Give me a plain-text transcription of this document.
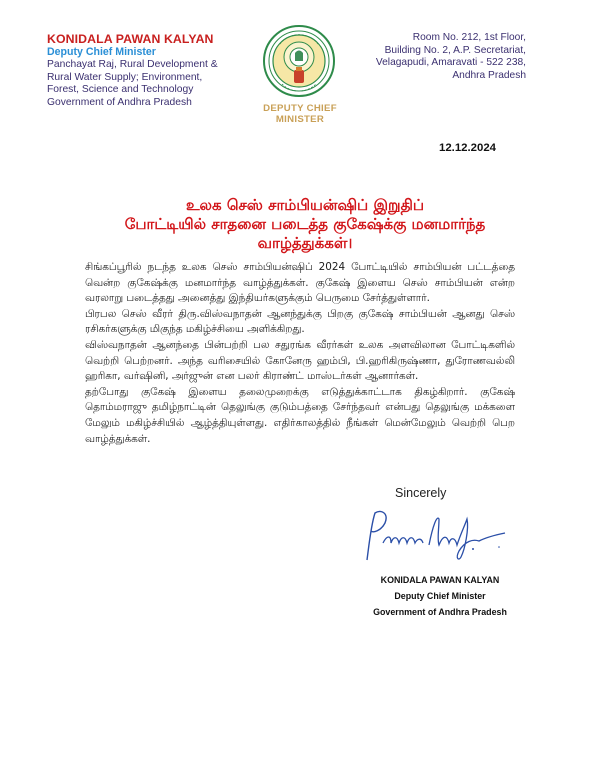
KONIDALA PAWAN KALYAN
Deputy Chief Minister
Panchayat Raj, Rural Development &
Rural Water Supply; Environment,
Forest, Science and Technology
Government of Andhra Pradesh
DEPUTY CHIEF MINISTER
Room No. 212, 1st Floor,
Building No. 2, A.P. Secretariat,
Velagapudi, Amaravati - 522 238,
Andhra Pradesh
12.12.2024
உலக செஸ் சாம்பியன்ஷிப் இறுதிப்
போட்டியில் சாதனை படைத்த குகேஷ்க்கு மனமார்ந்த
வாழ்த்துக்கள்।

சிங்கப்பூரில் நடந்த உலக செஸ் சாம்பியன்ஷிப் 2024 போட்டியில் சாம்பியன் பட்டத்தை வென்ற குகேஷ்க்கு மனமார்ந்த வாழ்த்துக்கள். குகேஷ் இளைய செஸ் சாம்பியன் என்ற வரலாறு படைத்தது அனைத்து இந்தியர்களுக்கும் பெருமை சேர்த்துள்ளார்.

பிரபல செஸ் வீரர் திரு.விஸ்வநாதன் ஆனந்துக்கு பிறகு குகேஷ் சாம்பியன் ஆனது செஸ் ரசிகர்களுக்கு மிகுந்த மகிழ்ச்சியை அளிக்கிறது.

விஸ்வநாதன் ஆனந்தை பின்பற்றி பல சதுரங்க வீரர்கள் உலக அளவிலான போட்டிகளில் வெற்றி பெற்றனர். அந்த வரிசையில் கோனேரு ஹம்பி, பி.ஹரிகிருஷ்ணா, துரோணவல்லி ஹரிகா, வர்ஷினி, அர்ஜுன் என பலர் கிராண்ட் மாஸ்டர்கள் ஆனார்கள்.

தற்போது குகேஷ் இளைய தலைமுறைக்கு எடுத்துக்காட்டாக திகழ்கிறார். குகேஷ் தொம்மராஜு தமிழ்நாட்டின் தெலுங்கு குடும்பத்தை சேர்ந்தவர் என்பது தெலுங்கு மக்களை மேலும் மகிழ்ச்சியில் ஆழ்த்தியுள்ளது. எதிர்காலத்தில் நீங்கள் மென்மேலும் வெற்றி பெற வாழ்த்துக்கள்.

Sincerely
KONIDALA PAWAN KALYAN
Deputy Chief Minister
Government of Andhra Pradesh
